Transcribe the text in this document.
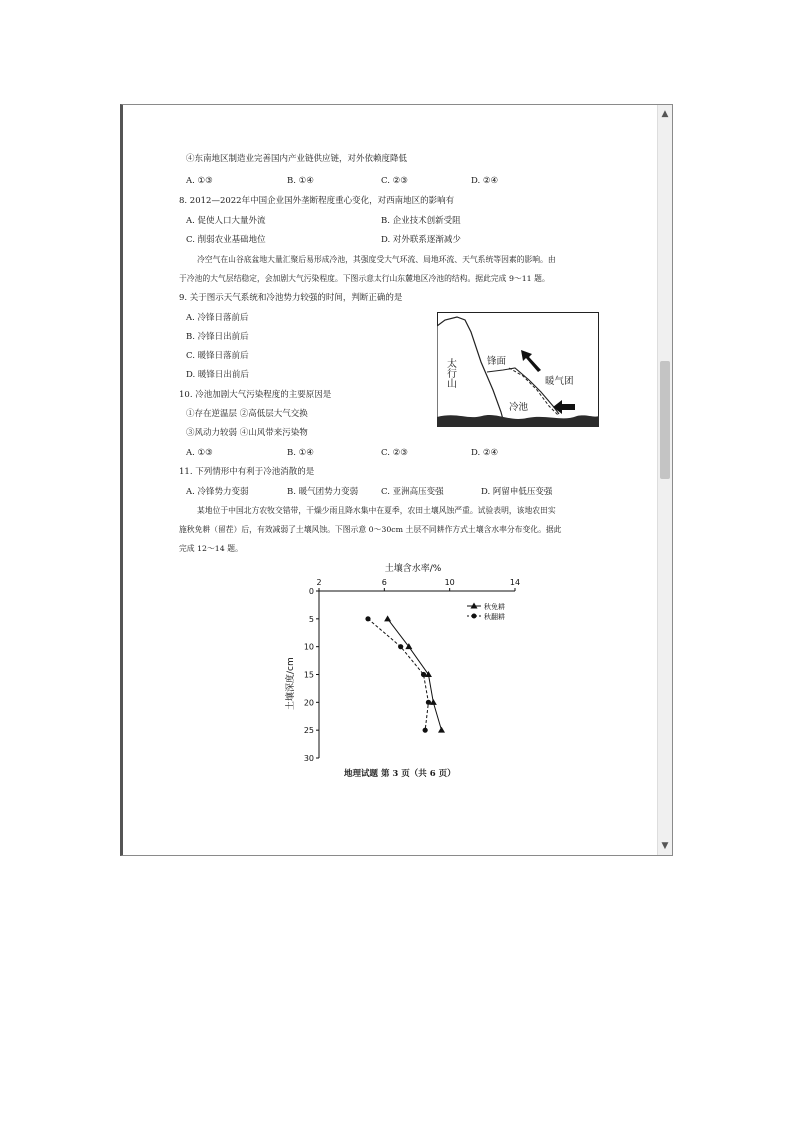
④东南地区制造业完善国内产业链供应链，对外依赖度降低
A. ①③	B. ①④	C. ②③	D. ②④
8. 2012—2022年中国企业国外垄断程度重心变化，对西南地区的影响有
A. 促使人口大量外流	B. 企业技术创新受阻
C. 削弱农业基础地位	D. 对外联系逐渐减少
冷空气在山谷底盆地大量汇聚后易形成冷池，其强度受大气环流、局地环流、天气系统等因素的影响。由
于冷池的大气层结稳定，会加剧大气污染程度。下图示意太行山东麓地区冷池的结构。据此完成 9～11 题。
9. 关于图示天气系统和冷池势力较强的时间，判断正确的是
A. 冷锋日落前后
B. 冷锋日出前后
C. 暖锋日落前后
D. 暖锋日出前后
10. 冷池加剧大气污染程度的主要原因是
①存在逆温层 ②高低层大气交换
③风动力较弱 ④山风带来污染物
A. ①③	B. ①④	C. ②③	D. ②④
11. 下列情形中有利于冷池消散的是
A. 冷锋势力变弱	B. 暖气团势力变弱	C. 亚洲高压变强	D. 阿留申低压变强
某地位于中国北方农牧交错带，干燥少雨且降水集中在夏季，农田土壤风蚀严重。试验表明，该地农田实
施秋免耕（留茬）后，有效减弱了土壤风蚀。下图示意 0～30cm 土层不同耕作方式土壤含水率分布变化。据此
完成 12～14 题。
太行山	锋面
暖气团
冷池
土壤含水率/%
2	6	10	14
0
5
10
15
20
25
30
秋免耕
秋翻耕
土壤深度/cm
地理试题 第 3 页（共 6 页）
▲
▼
